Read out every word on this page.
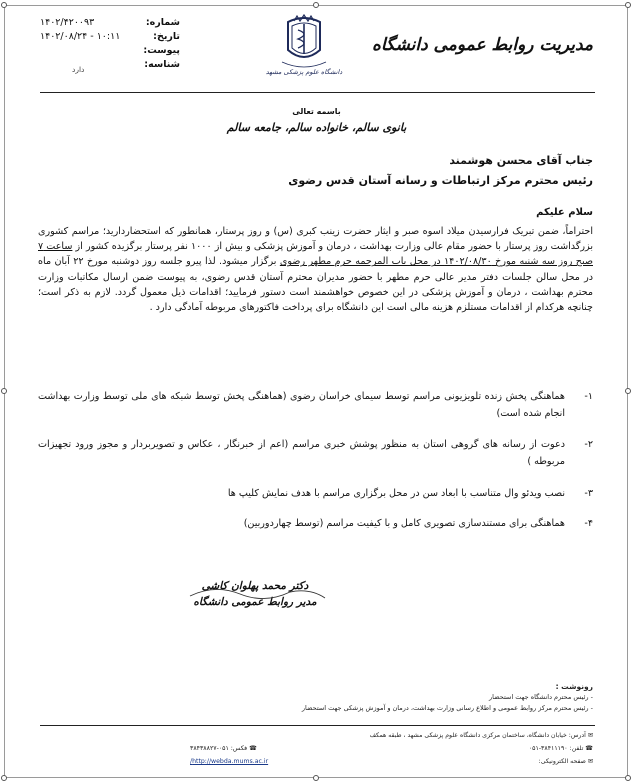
مدیریت روابط عمومی دانشگاه
دانشگاه علوم پزشکی مشهد
شماره:
۱۴۰۲/۴۲۰۰۹۳
تاریخ:
۱۴۰۲/۰۸/۲۴ - ۱۰:۱۱
پیوست:
شناسه:
دارد
باسمه تعالی
بانوی سالم، خانواده سالم، جامعه سالم
جناب آقای محسن هوشمند
رئیس محترم مرکز ارتباطات و رسانه آستان قدس رضوی
سلام علیکم
احتراماً، ضمن تبریک فرارسیدن میلاد اسوه صبر و ایثار حضرت زینب کبری (س) و روز پرستار، همانطور که استحضاردارید؛ مراسم کشوری بزرگداشت روز پرستار با حضور مقام عالی وزارت بهداشت ، درمان و آموزش پزشکی و بیش از ۱۰۰۰ نفر پرستار برگزیده کشور از ساعت ۷ صبح روز سه شنبه مورخ ۱۴۰۲/۰۸/۳۰ در محل باب المرحمه حرم مطهر رضوی برگزار میشود. لذا پیرو جلسه روز دوشنبه مورخ ۲۲ آبان ماه در محل سالن جلسات دفتر مدیر عالی حرم مطهر با حضور مدیران محترم آستان قدس رضوی، به پیوست ضمن ارسال مکاتبات وزارت محترم بهداشت ، درمان و آموزش پزشکی در این خصوص خواهشمند است دستور فرمایید؛ اقدامات ذیل معمول گردد. لازم به ذکر است؛ چنانچه هرکدام از اقدامات مستلزم هزینه مالی است این دانشگاه برای پرداخت فاکتورهای مربوطه آمادگی دارد .
۱-
هماهنگی پخش زنده تلویزیونی مراسم توسط سیمای خراسان رضوی (هماهنگی پخش توسط شبکه های ملی توسط وزارت بهداشت انجام شده است)
۲-
دعوت از رسانه های گروهی استان به منظور پوشش خبری مراسم (اعم از خبرنگار ، عکاس و تصویربردار و مجوز ورود تجهیزات مربوطه )
۳-
نصب ویدئو وال متناسب با ابعاد سن در محل برگزاری مراسم با هدف نمایش کلیپ ها
۴-
هماهنگی برای مستندسازی تصویری کامل و با کیفیت مراسم (توسط چهاردوربین)
دکتر محمد پهلوان کاشی
مدیر روابط عمومی دانشگاه
رونوشت :
- رئیس محترم دانشگاه جهت استحضار
- رئیس محترم مرکز روابط عمومی و اطلاع رسانی وزارت بهداشت، درمان و آموزش پزشکی جهت استحضار
✉ آدرس: خیابان دانشگاه، ساختمان مرکزی دانشگاه علوم پزشکی مشهد ، طبقه همکف
☎ تلفن: ۳۸۴۱۱۱۹۰-۰۵۱
☎ فکس: ۰۵۱-۳۸۴۳۸۸۲۷
✉ صفحه الکترونیکی:
http://webda.mums.ac.ir/
